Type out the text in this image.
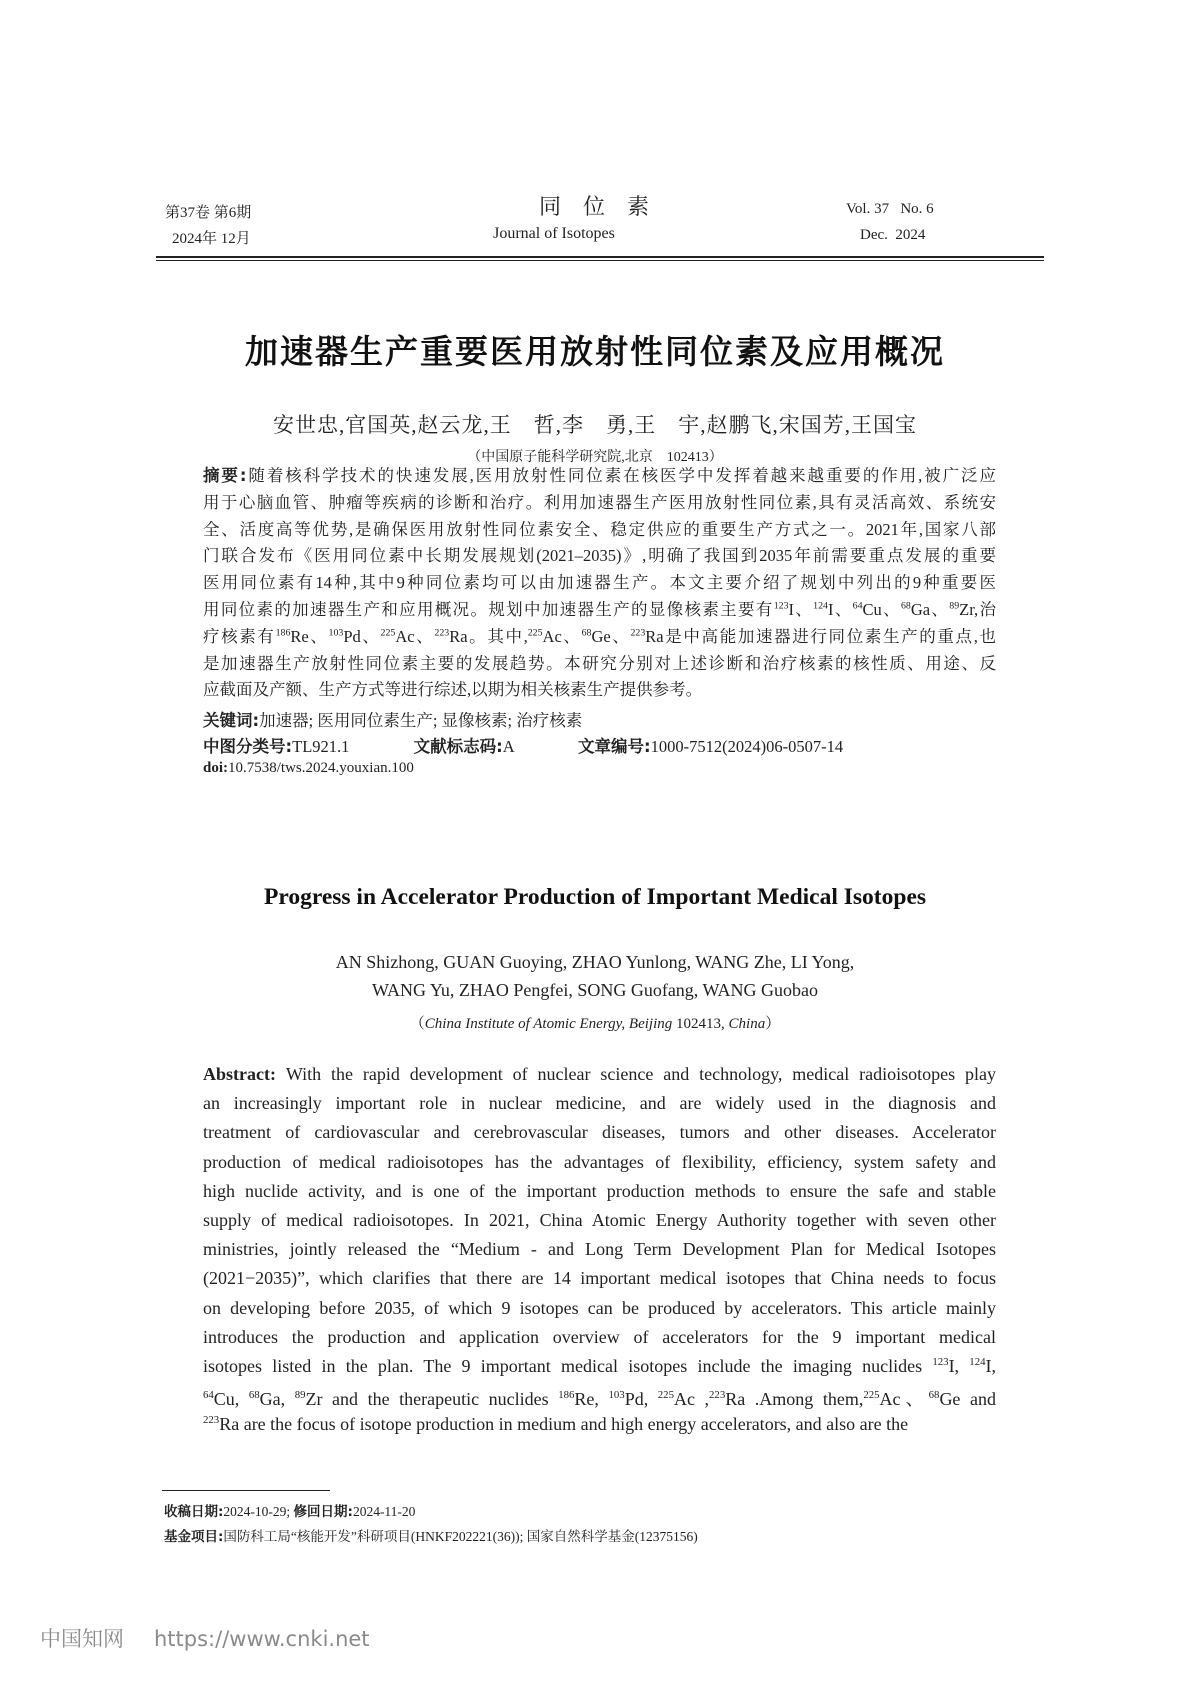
第37卷 第6期
2024年 12月
同位素
Journal of Isotopes
Vol. 37   No. 6
Dec.  2024
加速器生产重要医用放射性同位素及应用概况
安世忠,官国英,赵云龙,王　哲,李　勇,王　宇,赵鹏飞,宋国芳,王国宝
（中国原子能科学研究院,北京　102413）
摘要:随着核科学技术的快速发展,医用放射性同位素在核医学中发挥着越来越重要的作用,被广泛应
用于心脑血管、肿瘤等疾病的诊断和治疗。利用加速器生产医用放射性同位素,具有灵活高效、系统安
全、活度高等优势,是确保医用放射性同位素安全、稳定供应的重要生产方式之一。2021年,国家八部
门联合发布《医用同位素中长期发展规划(2021–2035)》,明确了我国到2035年前需要重点发展的重要
医用同位素有14种,其中9种同位素均可以由加速器生产。本文主要介绍了规划中列出的9种重要医
用同位素的加速器生产和应用概况。规划中加速器生产的显像核素主要有$^{123}$I、$^{124}$I、$^{64}$Cu、$^{68}$Ga、$^{89}$Zr,治
疗核素有$^{186}$Re、$^{103}$Pd、$^{225}$Ac、$^{223}$Ra。其中,$^{225}$Ac、$^{68}$Ge、$^{223}$Ra是中高能加速器进行同位素生产的重点,也
是加速器生产放射性同位素主要的发展趋势。本研究分别对上述诊断和治疗核素的核性质、用途、反
应截面及产额、生产方式等进行综述,以期为相关核素生产提供参考。
关键词:加速器; 医用同位素生产; 显像核素; 治疗核素
中图分类号:TL921.1	文献标志码:A	文章编号:1000-7512(2024)06-0507-14
doi:10.7538/tws.2024.youxian.100
Progress in Accelerator Production of Important Medical Isotopes
AN Shizhong, GUAN Guoying, ZHAO Yunlong, WANG Zhe, LI Yong,
WANG Yu, ZHAO Pengfei, SONG Guofang, WANG Guobao
（China Institute of Atomic Energy, Beijing 102413, China）
Abstract: With the rapid development of nuclear science and technology, medical radioisotopes play
an increasingly important role in nuclear medicine, and are widely used in the diagnosis and
treatment of cardiovascular and cerebrovascular diseases, tumors and other diseases. Accelerator
production of medical radioisotopes has the advantages of flexibility, efficiency, system safety and
high nuclide activity, and is one of the important production methods to ensure the safe and stable
supply of medical radioisotopes. In 2021, China Atomic Energy Authority together with seven other
ministries, jointly released the “Medium - and Long Term Development Plan for Medical Isotopes
(2021−2035)”, which clarifies that there are 14 important medical isotopes that China needs to focus
on developing before 2035, of which 9 isotopes can be produced by accelerators. This article mainly
introduces the production and application overview of accelerators for the 9 important medical
isotopes listed in the plan. The 9 important medical isotopes include the imaging nuclides $^{123}$I, $^{124}$I,
$^{64}$Cu, $^{68}$Ga, $^{89}$Zr and the therapeutic nuclides $^{186}$Re, $^{103}$Pd, $^{225}$Ac ,$^{223}$Ra .Among them,$^{225}$Ac、$^{68}$Ge and
$^{223}$Ra are the focus of isotope production in medium and high energy accelerators, and also are the
收稿日期:2024-10-29; 修回日期:2024-11-20
基金项目:国防科工局“核能开发”科研项目(HNKF202221(36)); 国家自然科学基金(12375156)
中国知网 https://www.cnki.net
